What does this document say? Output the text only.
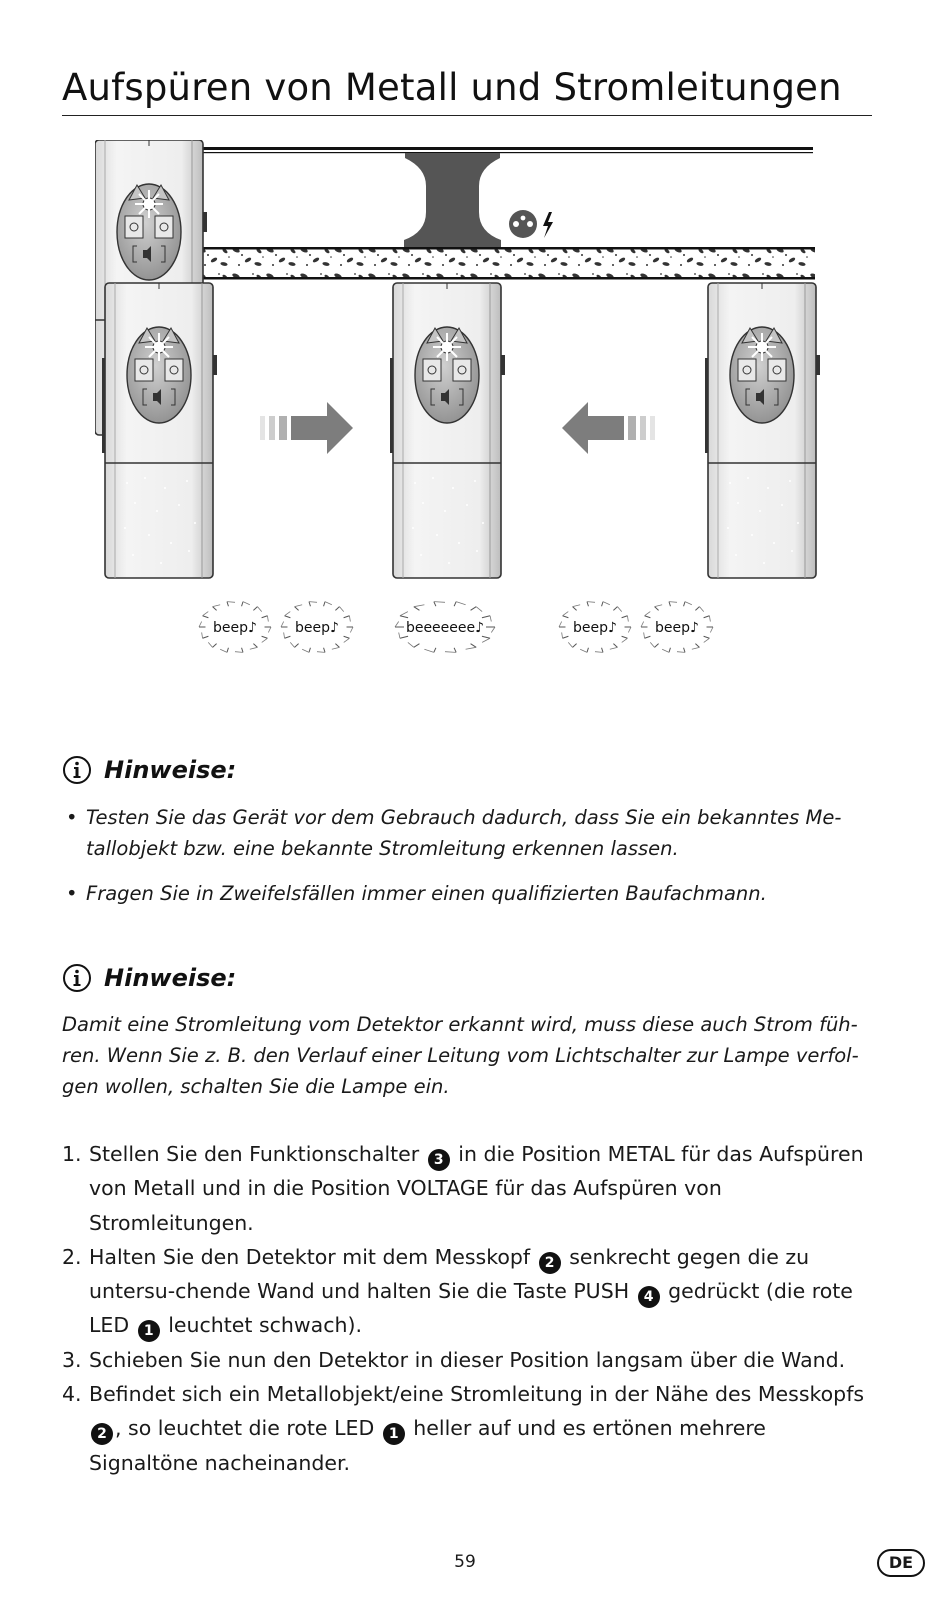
Aufspüren von Metall und Stromleitungen
beep♪	beep♪	beeeeeee♪	beep♪	beep♪
Hinweise:
• Testen Sie das Gerät vor dem Gebrauch dadurch, dass Sie ein bekanntes Me-tallobjekt bzw. eine bekannte Stromleitung erkennen lassen.
• Fragen Sie in Zweifelsfällen immer einen qualifizierten Baufachmann.
Hinweise:

Damit eine Stromleitung vom Detektor erkannt wird, muss diese auch Strom füh-ren. Wenn Sie z. B. den Verlauf einer Leitung vom Lichtschalter zur Lampe verfol-gen wollen, schalten Sie die Lampe ein.

1. Stellen Sie den Funktionschalter 3 in die Position METAL für das Aufspüren von Metall und in die Position VOLTAGE für das Aufspüren von Stromleitungen.
2. Halten Sie den Detektor mit dem Messkopf 2 senkrecht gegen die zu untersu-chende Wand und halten Sie die Taste PUSH 4 gedrückt (die rote LED 1 leuchtet schwach).
3. Schieben Sie nun den Detektor in dieser Position langsam über die Wand.
4. Befindet sich ein Metallobjekt/eine Stromleitung in der Nähe des Messkopfs 2 , so leuchtet die rote LED 1 heller auf und es ertönen mehrere Signaltöne nacheinander.
59	DE
